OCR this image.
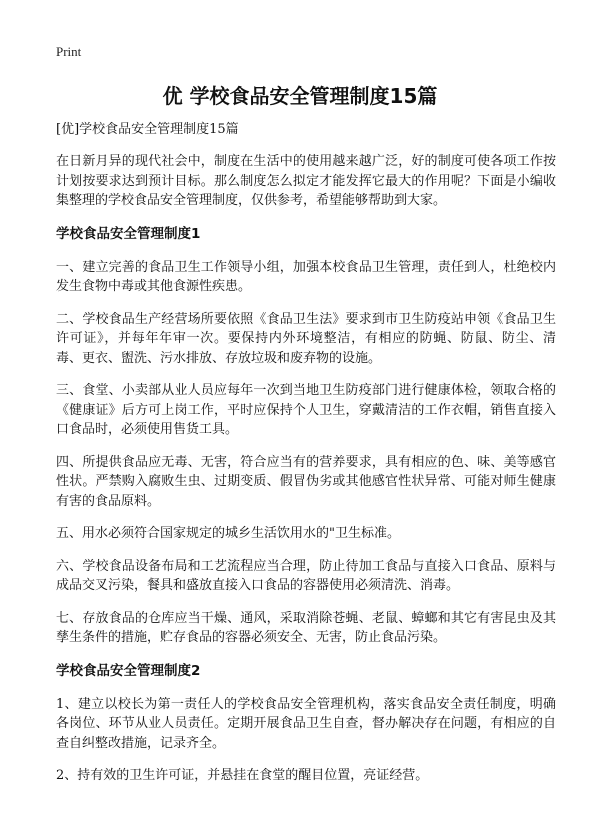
Print
优 学校食品安全管理制度15篇
[优]学校食品安全管理制度15篇

在日新月异的现代社会中，制度在生活中的使用越来越广泛，好的制度可使各项工作按计划按要求达到预计目标。那么制度怎么拟定才能发挥它最大的作用呢？下面是小编收集整理的学校食品安全管理制度，仅供参考，希望能够帮助到大家。

学校食品安全管理制度1

一、建立完善的食品卫生工作领导小组，加强本校食品卫生管理，责任到人，杜绝校内发生食物中毒或其他食源性疾患。

二、学校食品生产经营场所要依照《食品卫生法》要求到市卫生防疫站申领《食品卫生许可证》，并每年年审一次。要保持内外环境整洁，有相应的防蝇、防鼠、防尘、清毒、更衣、盥洗、污水排放、存放垃圾和废弃物的设施。

三、食堂、小卖部从业人员应每年一次到当地卫生防疫部门进行健康体检，领取合格的《健康证》后方可上岗工作，平时应保持个人卫生，穿戴清洁的工作衣帽，销售直接入口食品时，必须使用售货工具。

四、所提供食品应无毒、无害，符合应当有的营养要求，具有相应的色、味、美等感官性状。严禁购入腐败生虫、过期变质、假冒伪劣或其他感官性状异常、可能对师生健康有害的食品原料。

五、用水必须符合国家规定的城乡生活饮用水的"卫生标准。

六、学校食品设备布局和工艺流程应当合理，防止待加工食品与直接入口食品、原料与成品交叉污染，餐具和盛放直接入口食品的容器使用必须清洗、消毒。

七、存放食品的仓库应当干燥、通风，采取消除苍蝇、老鼠、蟑螂和其它有害昆虫及其孳生条件的措施，贮存食品的容器必须安全、无害，防止食品污染。

学校食品安全管理制度2

1、建立以校长为第一责任人的学校食品安全管理机构，落实食品安全责任制度，明确各岗位、环节从业人员责任。定期开展食品卫生自查，督办解决存在问题，有相应的自查自纠整改措施，记录齐全。

2、持有效的卫生许可证，并悬挂在食堂的醒目位置，亮证经营。
